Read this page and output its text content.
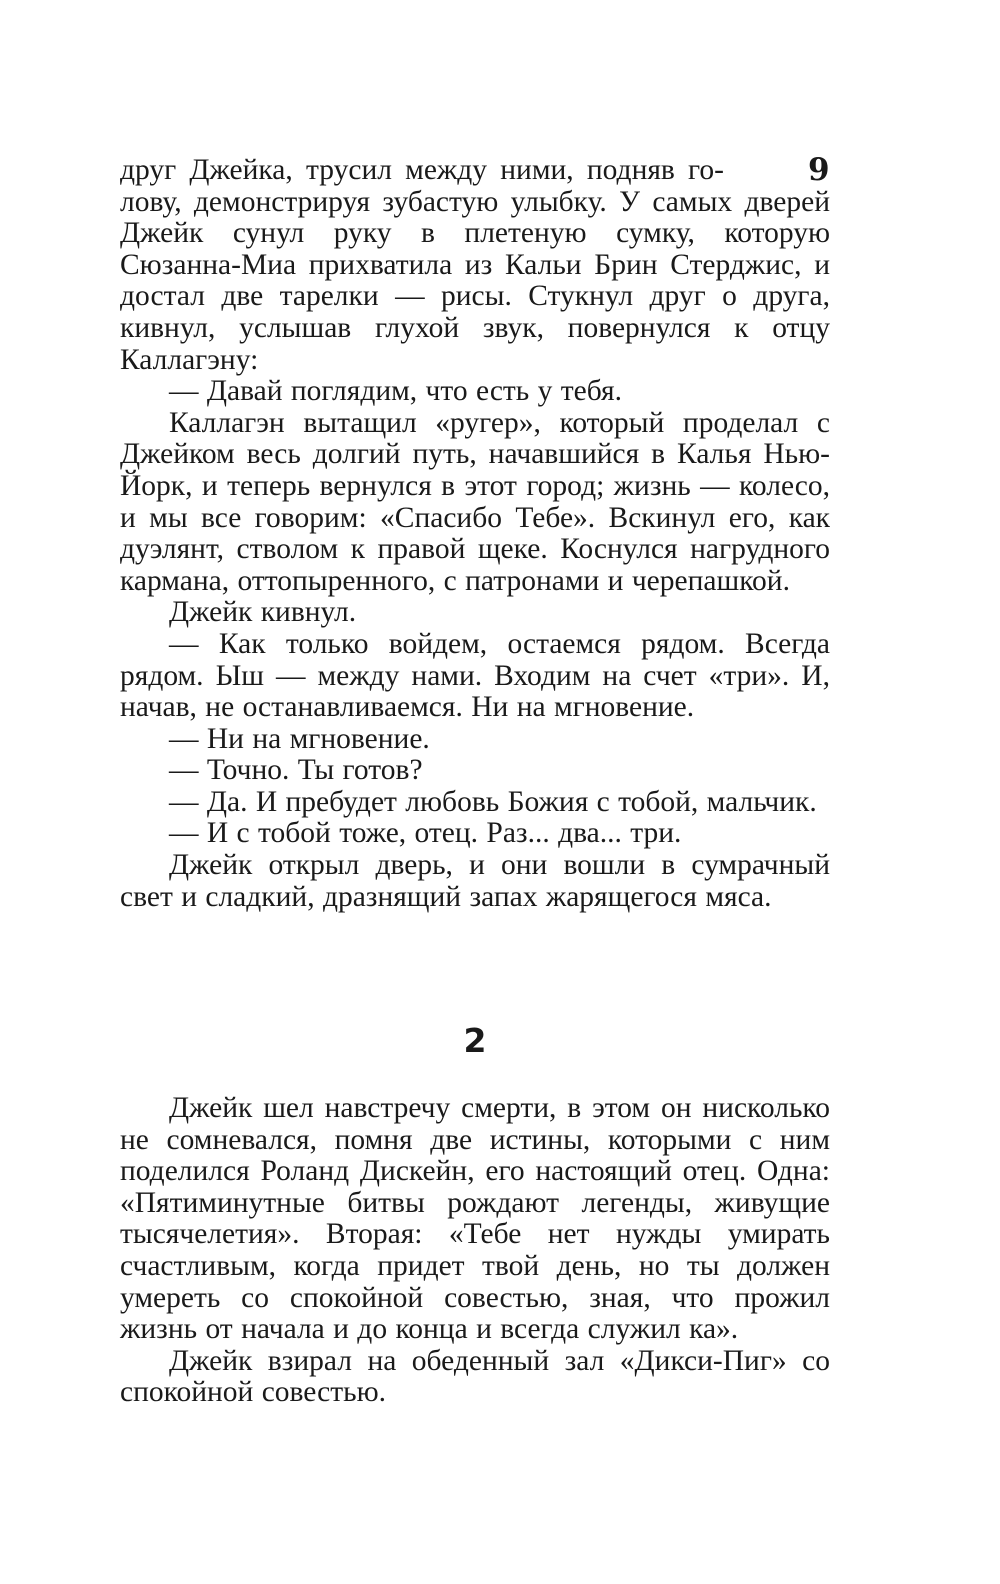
9

друг Джейка, трусил между ними, подняв го-
лову, демонстрируя зубастую улыбку. У самых дверей Джейк сунул руку в плетеную сумку, которую Сюзанна-Миа прихватила из Кальи Брин Стерджис, и достал две тарелки — рисы. Стукнул друг о друга, кивнул, услышав глухой звук, повернулся к отцу Каллагэну:

— Давай поглядим, что есть у тебя.

Каллагэн вытащил «ругер», который проделал с Джейком весь долгий путь, начавшийся в Калья Нью-Йорк, и теперь вернулся в этот город; жизнь — колесо, и мы все говорим: «Спасибо Тебе». Вскинул его, как дуэлянт, стволом к правой щеке. Коснулся нагрудного кармана, оттопыренного, с патронами и черепашкой.

Джейк кивнул.

— Как только войдем, остаемся рядом. Всегда рядом. Ыш — между нами. Входим на счет «три». И, начав, не останавливаемся. Ни на мгновение.

— Ни на мгновение.

— Точно. Ты готов?

— Да. И пребудет любовь Божия с тобой, мальчик.

— И с тобой тоже, отец. Раз... два... три.

Джейк открыл дверь, и они вошли в сумрачный свет и сладкий, дразнящий запах жарящегося мяса.

2

Джейк шел навстречу смерти, в этом он нисколько не сомневался, помня две истины, которыми с ним поделился Роланд Дискейн, его настоящий отец. Одна: «Пятиминутные битвы рождают легенды, живущие тысячелетия». Вторая: «Тебе нет нужды умирать счастливым, когда придет твой день, но ты должен умереть со спокойной совестью, зная, что прожил жизнь от начала и до конца и всегда служил ка».

Джейк взирал на обеденный зал «Дикси-Пиг» со спокойной совестью.
